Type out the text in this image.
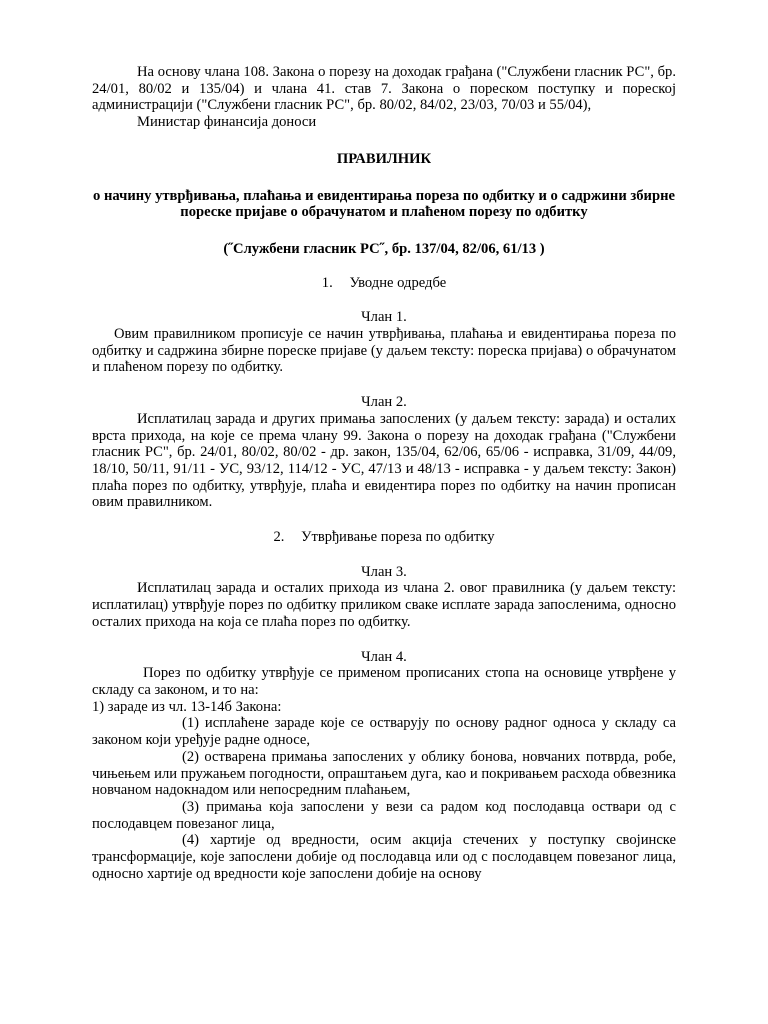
На основу члана 108. Закона о порезу на доходак грађана ("Службени гласник РС", бр. 24/01, 80/02 и 135/04) и члана 41. став 7. Закона о пореском поступку и пореској администрацији ("Службени гласник РС", бр. 80/02, 84/02, 23/03, 70/03 и 55/04),

Министар финансија доноси

ПРАВИЛНИК

о начину утврђивања, плаћања и евидентирања пореза по одбитку и о садржини збирне пореске пријаве о обрачунатом и плаћеном порезу по одбитку

(˝Службени гласник РС˝, бр. 137/04, 82/06, 61/13 )

1. Уводне одредбе

Члан 1.

Овим правилником прописује се начин утврђивања, плаћања и евидентирања пореза по одбитку и садржина збирне пореске пријаве (у даљем тексту: пореска пријава) о обрачунатом и плаћеном порезу по одбитку.

Члан 2.

Исплатилац зарада и других примања запослених (у даљем тексту: зарада) и осталих врста прихода, на које се према члану 99. Закона о порезу на доходак грађана ("Службени гласник РС", бр. 24/01, 80/02, 80/02 - др. закон, 135/04, 62/06, 65/06 - исправка, 31/09, 44/09, 18/10, 50/11, 91/11 - УС, 93/12, 114/12 - УС, 47/13 и 48/13 - исправка - у даљем тексту: Закон) плаћа порез по одбитку, утврђује, плаћа и евидентира порез по одбитку на начин прописан овим правилником.

2. Утврђивање пореза по одбитку

Члан 3.

Исплатилац зарада и осталих прихода из члана 2. овог правилника (у даљем тексту: исплатилац) утврђује порез по одбитку приликом сваке исплате зарада запосленима, односно осталих прихода на која се плаћа порез по одбитку.

Члан 4.

Порез по одбитку утврђује се применом прописаних стопа на основице утврђене у складу са законом, и то на:

1) зараде из чл. 13-14б Закона:

(1) исплаћене зараде које се остварују по основу радног односа у складу са законом који уређује радне односе,

(2) остварена примања запослених у облику бонова, новчаних потврда, робе, чињењем или пружањем погодности, опраштањем дуга, као и покривањем расхода обвезника новчаном надокнадом или непосредним плаћањем,

(3) примања која запослени у вези са радом код послодавца оствари од с послодавцем повезаног лица,

(4) хартије од вредности, осим акција стечених у поступку својинске трансформације, које запослени добије од послодавца или од с послодавцем повезаног лица, односно хартије од вредности које запослени добије на основу
